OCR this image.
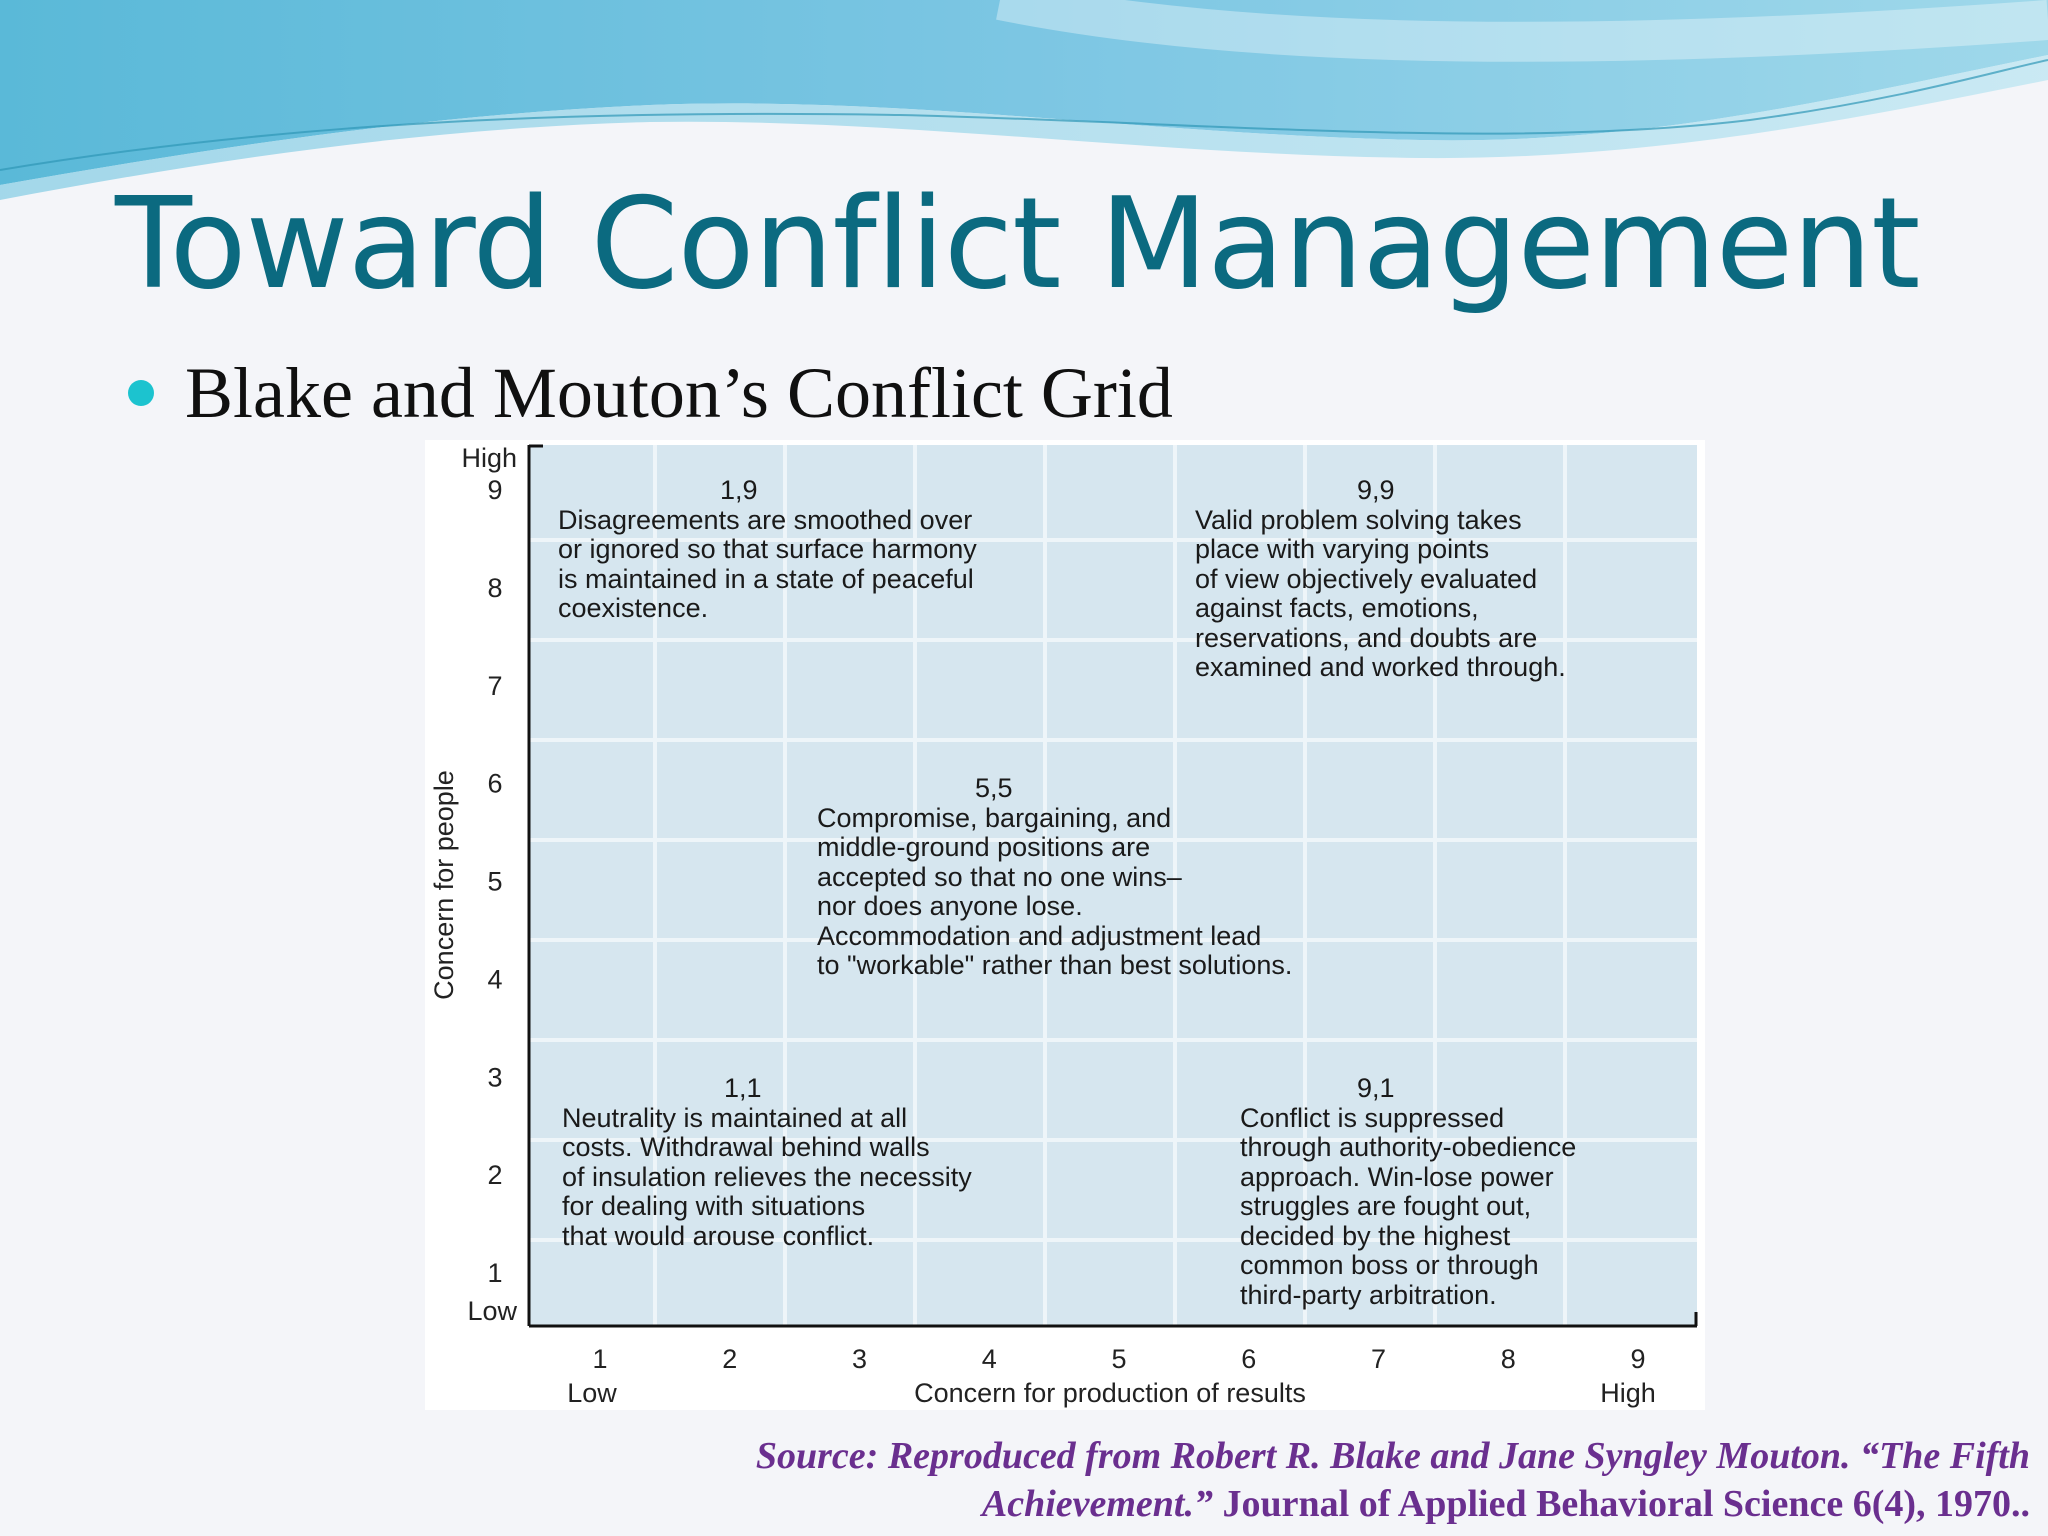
Toward Conflict Management
Blake and Mouton’s Conflict Grid
High
Low
1
2
3
4
5
6
7
8
9
Concern for people
1	2	3	4	5	6	7	8	9
Low	Concern for production of results	High
1,9
Disagreements are smoothed over
or ignored so that surface harmony
is maintained in a state of peaceful
coexistence.
9,9
Valid problem solving takes
place with varying points
of view objectively evaluated
against facts, emotions,
reservations, and doubts are
examined and worked through.
5,5
Compromise, bargaining, and
middle-ground positions are
accepted so that no one wins–
nor does anyone lose.
Accommodation and adjustment lead
to "workable" rather than best solutions.
1,1
Neutrality is maintained at all
costs. Withdrawal behind walls
of insulation relieves the necessity
for dealing with situations
that would arouse conflict.
9,1
Conflict is suppressed
through authority-obedience
approach. Win-lose power
struggles are fought out,
decided by the highest
common boss or through
third-party arbitration.
Source: Reproduced from Robert R. Blake and Jane Syngley Mouton. “The Fifth
Achievement.” Journal of Applied Behavioral Science 6(4), 1970..
